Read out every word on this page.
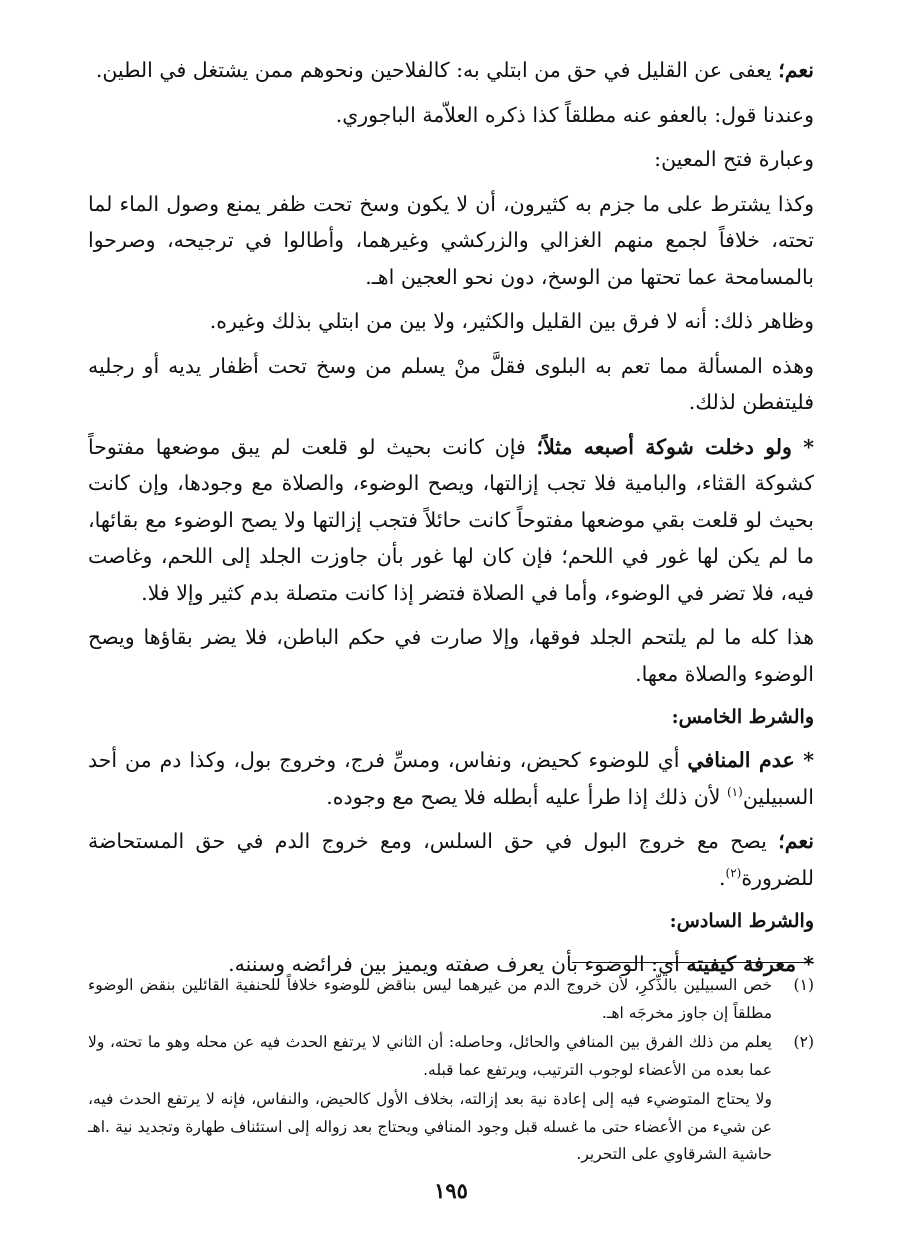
نعم؛ يعفى عن القليل في حق من ابتلي به: كالفلاحين ونحوهم ممن يشتغل في الطين.

وعندنا قول: بالعفو عنه مطلقاً كذا ذكره العلاّمة الباجوري.

وعبارة فتح المعين:

وكذا يشترط على ما جزم به كثيرون، أن لا يكون وسخ تحت ظفر يمنع وصول الماء لما تحته، خلافاً لجمع منهم الغزالي والزركشي وغيرهما، وأطالوا في ترجيحه، وصرحوا بالمسامحة عما تحتها من الوسخ، دون نحو العجين اهـ.

وظاهر ذلك: أنه لا فرق بين القليل والكثير، ولا بين من ابتلي بذلك وغيره.

وهذه المسألة مما تعم به البلوى فقلَّ منْ يسلم من وسخ تحت أظفار يديه أو رجليه فليتفطن لذلك.

* ولو دخلت شوكة أصبعه مثلاً؛ فإن كانت بحيث لو قلعت لم يبق موضعها مفتوحاً كشوكة القثاء، والبامية فلا تجب إزالتها، ويصح الوضوء، والصلاة مع وجودها، وإن كانت بحيث لو قلعت بقي موضعها مفتوحاً كانت حائلاً فتجب إزالتها ولا يصح الوضوء مع بقائها، ما لم يكن لها غور في اللحم؛ فإن كان لها غور بأن جاوزت الجلد إلى اللحم، وغاصت فيه، فلا تضر في الوضوء، وأما في الصلاة فتضر إذا كانت متصلة بدم كثير وإلا فلا.

هذا كله ما لم يلتحم الجلد فوقها، وإلا صارت في حكم الباطن، فلا يضر بقاؤها ويصح الوضوء والصلاة معها.

والشرط الخامس:

* عدم المنافي أي للوضوء كحيض، ونفاس، ومسِّ فرج، وخروج بول، وكذا دم من أحد السبيلين$^{(١)}$ لأن ذلك إذا طرأ عليه أبطله فلا يصح مع وجوده.

نعم؛ يصح مع خروج البول في حق السلس، ومع خروج الدم في حق المستحاضة للضرورة$^{(٢)}$.

والشرط السادس:

* معرفة كيفيته أي: الوضوء بأن يعرف صفته ويميز بين فرائضه وسننه.

(١)
خص السبيلين بالذِّكرِ، لأن خروج الدم من غيرهما ليس بناقض للوضوء خلافاً للحنفية القائلين بنقض الوضوء مطلقاً إن جاوز مخرجَه اهـ.
(٢)
يعلم من ذلك الفرق بين المنافي والحائل، وحاصله: أن الثاني لا يرتفع الحدث فيه عن محله وهو ما تحته، ولا عما بعده من الأعضاء لوجوب الترتيب، ويرتفع عما قبله.
ولا يحتاج المتوضيء فيه إلى إعادة نية بعد إزالته، بخلاف الأول كالحيض، والنفاس، فإنه لا يرتفع الحدث فيه، عن شيء من الأعضاء حتى ما غسله قبل وجود المنافي ويحتاج بعد زواله إلى استئناف طهارة وتجديد نية .اهـ حاشية الشرقاوي على التحرير.
١٩٥
